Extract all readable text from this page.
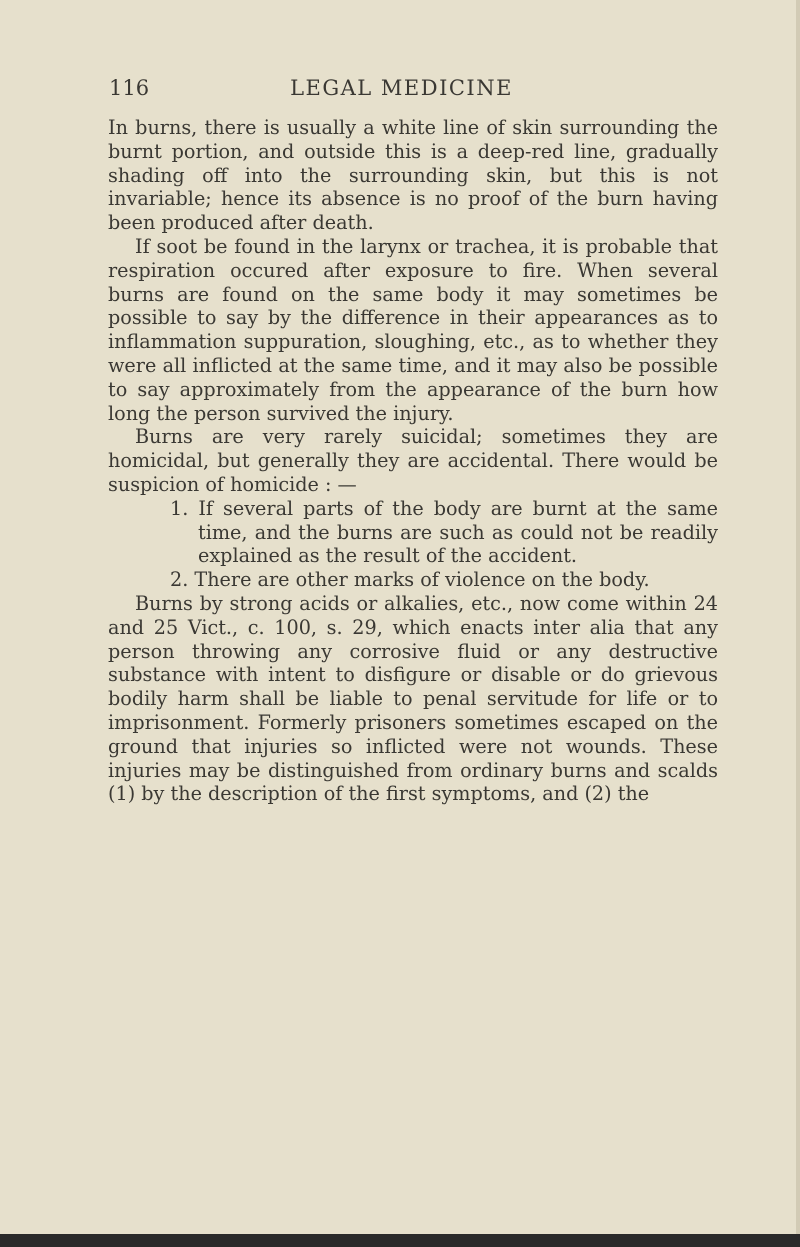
116	LEGAL MEDICINE

In burns, there is usually a white line of skin surrounding the burnt portion, and outside this is a deep-red line, gradually shading off into the surrounding skin, but this is not invariable; hence its absence is no proof of the burn having been produced after death.

If soot be found in the larynx or trachea, it is probable that respiration occured after exposure to fire. When several burns are found on the same body it may sometimes be possible to say by the difference in their appearances as to inflammation suppuration, sloughing, etc., as to whether they were all inflicted at the same time, and it may also be possible to say approximately from the appearance of the burn how long the person survived the injury.

Burns are very rarely suicidal; sometimes they are homicidal, but generally they are accidental. There would be suspicion of homicide : —

1. If several parts of the body are burnt at the same time, and the burns are such as could not be readily explained as the result of the accident.

2. There are other marks of violence on the body.

Burns by strong acids or alkalies, etc., now come within 24 and 25 Vict., c. 100, s. 29, which enacts inter alia that any person throwing any corrosive fluid or any destructive substance with intent to disfigure or disable or do grievous bodily harm shall be liable to penal servitude for life or to imprisonment. Formerly prisoners sometimes escaped on the ground that injuries so inflicted were not wounds. These injuries may be distinguished from ordinary burns and scalds (1) by the description of the first symptoms, and (2) the
